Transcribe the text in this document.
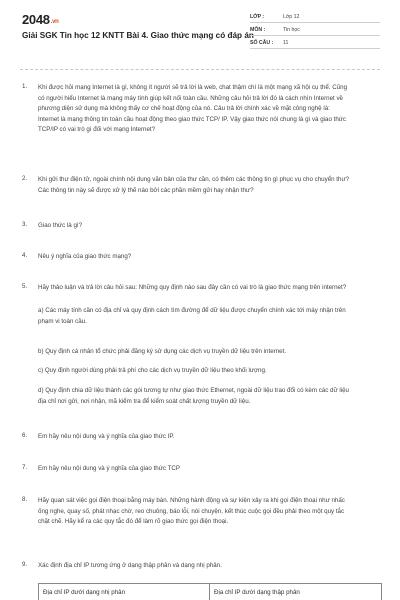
2048.vn
Giải SGK Tin học 12 KNTT Bài 4. Giao thức mạng có đáp án
LỚP :	Lớp 12
MÔN :	Tin học
SỐ CÂU :	11
1. Khi được hỏi mạng Internet là gì, không ít người sẽ trả lời là web, chat thậm chí là một mạng xã hội cụ thể. Cũng có người hiểu Internet là mạng máy tính giúp kết nối toàn cầu. Những câu hỏi trả lời đó là cách nhìn Internet về phương diện sử dụng mà không thấy cơ chế hoạt động của nó. Câu trả lời chính xác về mặt công nghệ là: Internet là mạng thông tin toàn cầu hoạt động theo giao thức TCP/ IP. Vậy giao thức nói chung là gì và giao thức TCP/IP có vai trò gì đối với mạng Internet?
2. Khi gửi thư điện tử, ngoài chính nội dung văn bản của thư cần, có thêm các thông tin gì phục vụ cho chuyển thư? Các thông tin này sẽ được xử lý thế nào bởi các phần mềm gửi hay nhận thư?
3. Giao thức là gì?
4. Nêu ý nghĩa của giao thức mạng?
5. Hãy thảo luận và trả lời câu hỏi sau: Những quy định nào sau đây cần có vai trò là giao thức mạng trên internet?
a) Các máy tính cần có địa chỉ và quy định cách tìm đường để dữ liệu được chuyển chính xác tới máy nhận trên phạm vi toàn cầu.
b) Quy định cá nhân tổ chức phải đăng ký sử dụng các dịch vụ truyền dữ liệu trên internet.
c) Quy định người dùng phải trả phí cho các dịch vụ truyền dữ liệu theo khối lượng.
d) Quy định chia dữ liệu thành các gói tương tự như giao thức Ethernet, ngoài dữ liệu trao đổi có kèm các dữ liệu địa chỉ nơi gửi, nơi nhận, mã kiểm tra để kiểm soát chất lượng truyền dữ liệu.
6. Em hãy nêu nội dung và ý nghĩa của giao thức IP.
7. Em hãy nêu nội dung và ý nghĩa của giao thức TCP
8. Hãy quan sát việc gọi điện thoại bằng máy bàn. Những hành động và sự kiện xảy ra khi gọi điện thoại như nhấc ống nghe, quay số, phát nhạc chờ, reo chuông, báo lỗi, nói chuyện, kết thúc cuộc gọi đều phải theo một quy tắc chặt chẽ. Hãy kể ra các quy tắc đó để làm rõ giao thức gọi điện thoại.
9. Xác định địa chỉ IP tương ứng ở dạng thập phân và dạng nhị phân.
Địa chỉ IP dưới dạng nhị phân	Địa chỉ IP dưới dạng thập phân
